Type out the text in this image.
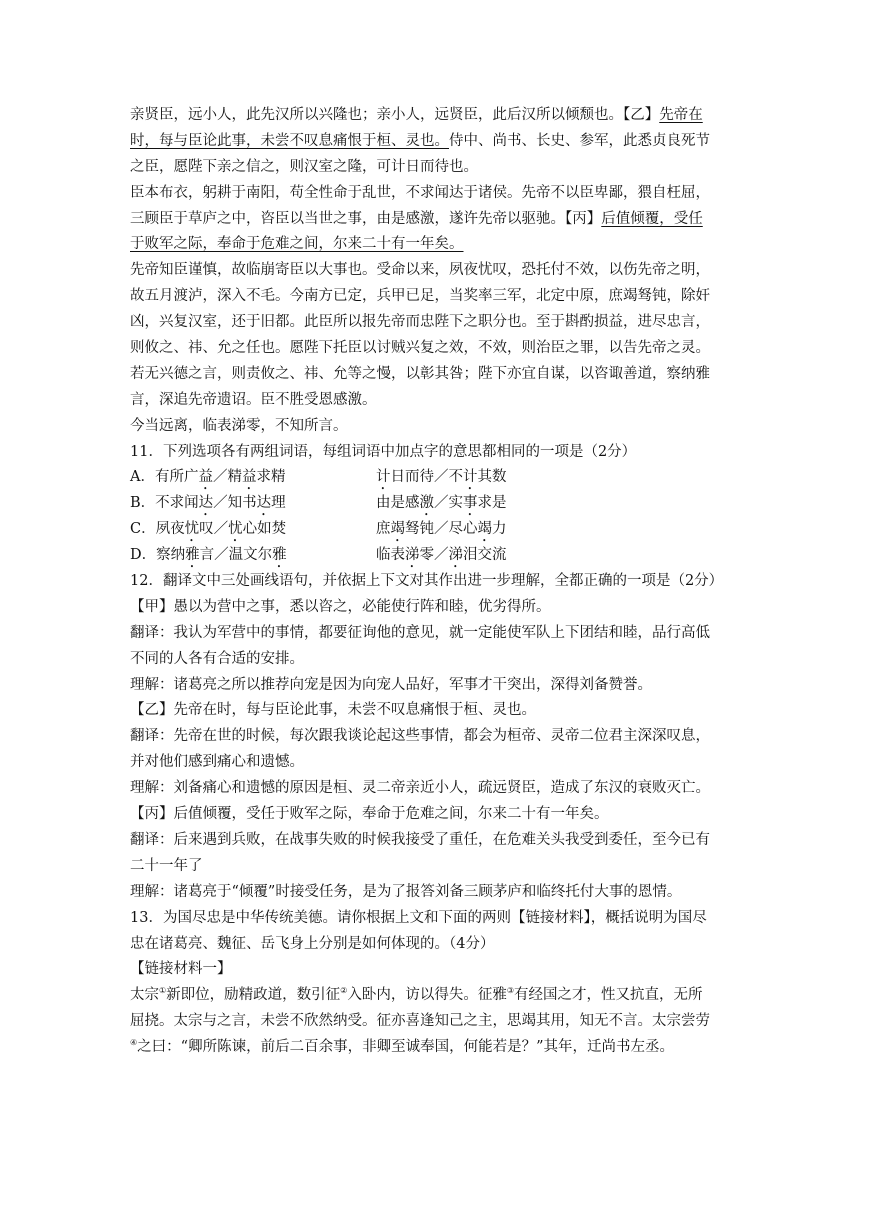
亲贤臣，远小人，此先汉所以兴隆也；亲小人，远贤臣，此后汉所以倾颓也。【乙】先帝在
时，每与臣论此事，未尝不叹息痛恨于桓、灵也。侍中、尚书、长史、参军，此悉贞良死节
之臣，愿陛下亲之信之，则汉室之隆，可计日而待也。
臣本布衣，躬耕于南阳，苟全性命于乱世，不求闻达于诸侯。先帝不以臣卑鄙，猥自枉屈，
三顾臣于草庐之中，咨臣以当世之事，由是感激，遂许先帝以驱驰。【丙】后值倾覆，受任
于败军之际，奉命于危难之间，尔来二十有一年矣。
先帝知臣谨慎，故临崩寄臣以大事也。受命以来，夙夜忧叹，恐托付不效，以伤先帝之明，
故五月渡泸，深入不毛。今南方已定，兵甲已足，当奖率三军，北定中原，庶竭驽钝，除奸
凶，兴复汉室，还于旧都。此臣所以报先帝而忠陛下之职分也。至于斟酌损益，进尽忠言，
则攸之、祎、允之任也。愿陛下托臣以讨贼兴复之效，不效，则治臣之罪，以告先帝之灵。
若无兴德之言，则责攸之、祎、允等之慢，以彰其咎；陛下亦宜自谋，以咨诹善道，察纳雅
言，深追先帝遗诏。臣不胜受恩感激。
今当远离，临表涕零，不知所言。
11．下列选项各有两组词语，每组词语中加点字的意思都相同的一项是（2分）
A．有所广益／精益求精	计日而待／不计其数
B．不求闻达／知书达理	由是感激／实事求是
C．夙夜忧叹／忧心如焚	庶竭驽钝／尽心竭力
D．察纳雅言／温文尔雅	临表涕零／涕泪交流
12．翻译文中三处画线语句，并依据上下文对其作出进一步理解，全都正确的一项是（2分）
【甲】愚以为营中之事，悉以咨之，必能使行阵和睦，优劣得所。
翻译：我认为军营中的事情，都要征询他的意见，就一定能使军队上下团结和睦，品行高低
不同的人各有合适的安排。
理解：诸葛亮之所以推荐向宠是因为向宠人品好，军事才干突出，深得刘备赞誉。
【乙】先帝在时，每与臣论此事，未尝不叹息痛恨于桓、灵也。
翻译：先帝在世的时候，每次跟我谈论起这些事情，都会为桓帝、灵帝二位君主深深叹息，
并对他们感到痛心和遗憾。
理解：刘备痛心和遗憾的原因是桓、灵二帝亲近小人，疏远贤臣，造成了东汉的衰败灭亡。
【丙】后值倾覆，受任于败军之际，奉命于危难之间，尔来二十有一年矣。
翻译：后来遇到兵败，在战事失败的时候我接受了重任，在危难关头我受到委任，至今已有
二十一年了
理解：诸葛亮于“倾覆”时接受任务，是为了报答刘备三顾茅庐和临终托付大事的恩情。
13．为国尽忠是中华传统美德。请你根据上文和下面的两则【链接材料】，概括说明为国尽
忠在诸葛亮、魏征、岳飞身上分别是如何体现的。（4分）
【链接材料一】
太宗①新即位，励精政道，数引征②入卧内，访以得失。征雅③有经国之才，性又抗直，无所
屈挠。太宗与之言，未尝不欣然纳受。征亦喜逢知己之主，思竭其用，知无不言。太宗尝劳
④之曰：“卿所陈谏，前后二百余事，非卿至诚奉国，何能若是？”其年，迁尚书左丞。
